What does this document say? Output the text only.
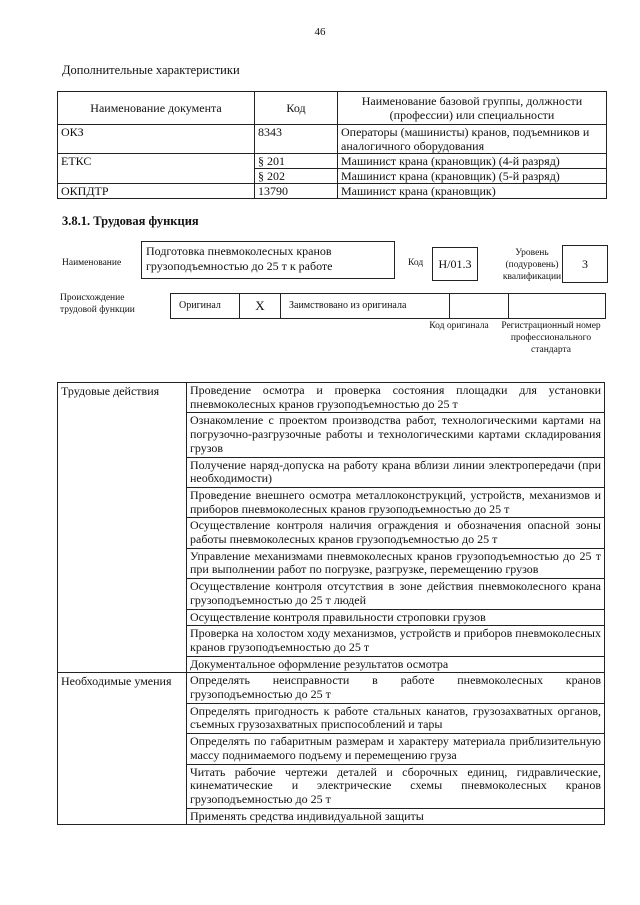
46
Дополнительные характеристики
Наименование документа	Код	Наименование базовой группы, должности (профессии) или специальности
ОКЗ	8343	Операторы (машинисты) кранов, подъемников и аналогичного оборудования
ЕТКС	§ 201	Машинист крана (крановщик) (4-й разряд)
	§ 202	Машинист крана (крановщик) (5-й разряд)
ОКПДТР	13790	Машинист крана (крановщик)
3.8.1. Трудовая функция
Наименование
Подготовка пневмоколесных кранов грузоподъемностью до 25 т к работе	Код	Н/01.3
Уровень (подуровень) квалификации
3
Происхождение трудовой функции	Оригинал	X	Заимствовано из оригинала
Код оригинала	Регистрационный номер профессионального стандарта
Трудовые действия	Проведение осмотра и проверка состояния площадки для установки пневмоколесных кранов грузоподъемностью до 25 т
	Ознакомление с проектом производства работ, технологическими картами на погрузочно-разгрузочные работы и технологическими картами складирования грузов
	Получение наряд-допуска на работу крана вблизи линии электропередачи (при необходимости)
	Проведение внешнего осмотра металлоконструкций, устройств, механизмов и приборов пневмоколесных кранов грузоподъемностью до 25 т
	Осуществление контроля наличия ограждения и обозначения опасной зоны работы пневмоколесных кранов грузоподъемностью до 25 т
	Управление механизмами пневмоколесных кранов грузоподъемностью до 25 т при выполнении работ по погрузке, разгрузке, перемещению грузов
	Осуществление контроля отсутствия в зоне действия пневмоколесного крана грузоподъемностью до 25 т людей
	Осуществление контроля правильности строповки грузов
	Проверка на холостом ходу механизмов, устройств и приборов пневмоколесных кранов грузоподъемностью до 25 т
	Документальное оформление результатов осмотра
Необходимые умения	Определять неисправности в работе пневмоколесных кранов грузоподъемностью до 25 т
	Определять пригодность к работе стальных канатов, грузозахватных органов, съемных грузозахватных приспособлений и тары
	Определять по габаритным размерам и характеру материала приблизительную массу поднимаемого подъему и перемещению груза
	Читать рабочие чертежи деталей и сборочных единиц, гидравлические, кинематические и электрические схемы пневмоколесных кранов грузоподъемностью до 25 т
	Применять средства индивидуальной защиты
